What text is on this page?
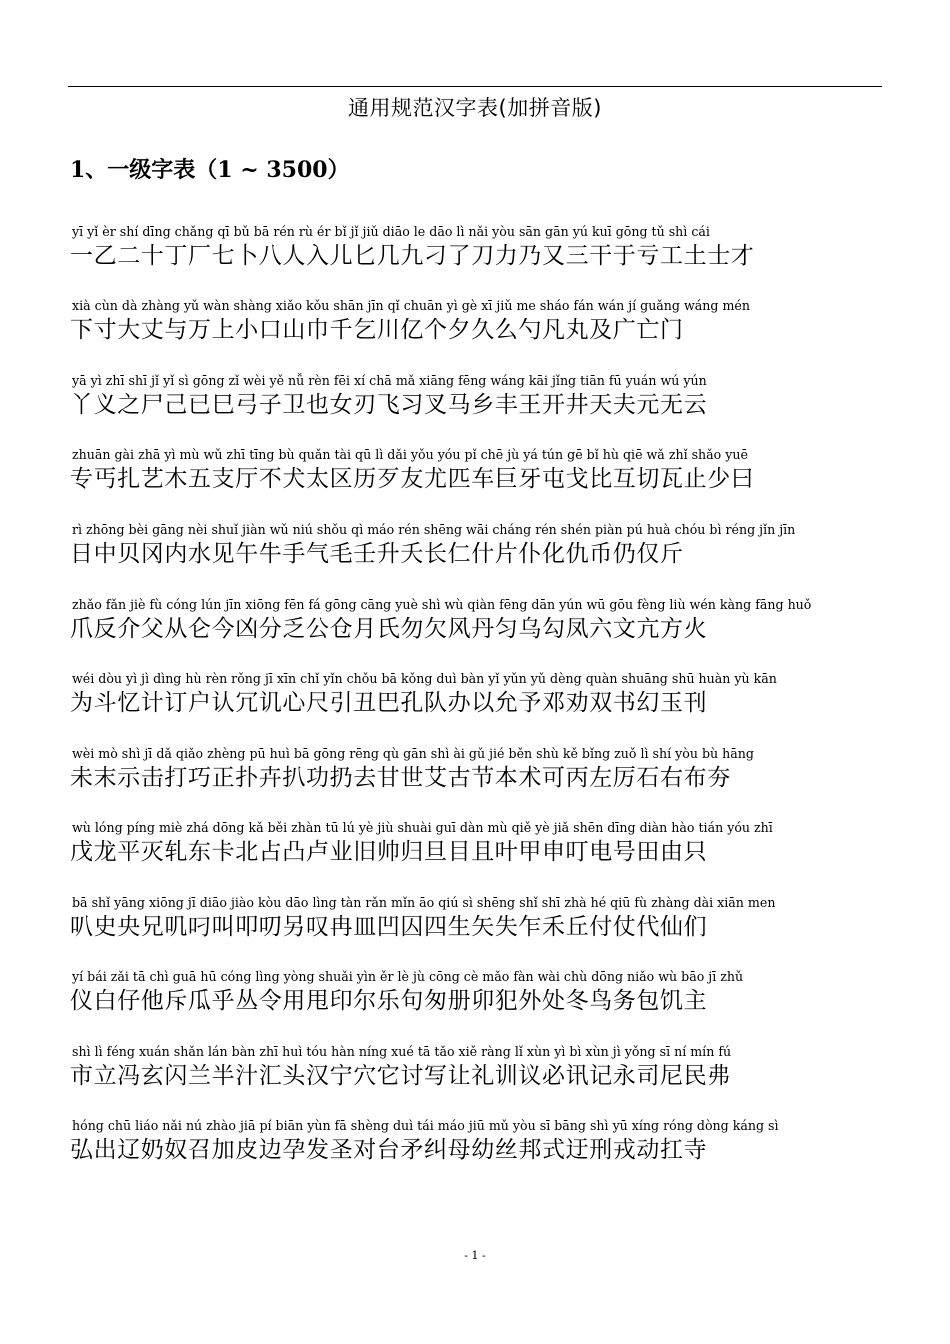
通用规范汉字表(加拼音版)
1、一级字表（1 ~ 3500）
yī yǐ èr shí dīng chǎng qī bǔ bā rén rù ér bǐ jǐ jiǔ diāo le dāo lì nǎi yòu sān gān yú kuī gōng tǔ shì cái
一乙二十丁厂七卜八人入儿匕几九刁了刀力乃又三干于亏工土士才
xià cùn dà zhàng yǔ wàn shàng xiǎo kǒu shān jīn qǐ chuān yì gè xī jiǔ me sháo fán wán jí guǎng wáng mén
下寸大丈与万上小口山巾千乞川亿个夕久么勺凡丸及广亡门
yā yì zhī shī jǐ yǐ sì gōng zǐ wèi yě nǚ rèn fēi xí chā mǎ xiāng fēng wáng kāi jǐng tiān fū yuán wú yún
丫义之尸己已巳弓子卫也女刃飞习叉马乡丰王开井天夫元无云
zhuān gài zhā yì mù wǔ zhī tīng bù quǎn tài qū lì dǎi yǒu yóu pǐ chē jù yá tún gē bǐ hù qiē wǎ zhǐ shǎo yuē
专丐扎艺木五支厅不犬太区历歹友尤匹车巨牙屯戈比互切瓦止少曰
rì zhōng bèi gāng nèi shuǐ jiàn wǔ niú shǒu qì máo rén shēng wāi cháng rén shén piàn pú huà chóu bì réng jǐn jīn
日中贝冈内水见午牛手气毛壬升夭长仁什片仆化仇币仍仅斤
zhǎo fǎn jiè fù cóng lún jīn xiōng fēn fá gōng cāng yuè shì wù qiàn fēng dān yún wū gōu fèng liù wén kàng fāng huǒ
爪反介父从仑今凶分乏公仓月氏勿欠风丹匀乌勾凤六文亢方火
wéi dòu yì jì dìng hù rèn rǒng jī xīn chǐ yǐn chǒu bā kǒng duì bàn yǐ yǔn yǔ dèng quàn shuāng shū huàn yù kān
为斗忆计订户认冗讥心尺引丑巴孔队办以允予邓劝双书幻玉刊
wèi mò shì jī dǎ qiǎo zhèng pū huì bā gōng rēng qù gān shì ài gǔ jié běn shù kě bǐng zuǒ lì shí yòu bù hāng
未末示击打巧正扑卉扒功扔去甘世艾古节本术可丙左厉石右布夯
wù lóng píng miè zhá dōng kǎ běi zhàn tū lú yè jiù shuài guī dàn mù qiě yè jiǎ shēn dīng diàn hào tián yóu zhī
戊龙平灭轧东卡北占凸卢业旧帅归旦目且叶甲申叮电号田由只
bā shǐ yāng xiōng jī diāo jiào kòu dāo lìng tàn rǎn mǐn āo qiú sì shēng shǐ shī zhà hé qiū fù zhàng dài xiān men
叭史央兄叽叼叫叩叨另叹冉皿凹囚四生矢失乍禾丘付仗代仙们
yí bái zǎi tā chì guā hū cóng lìng yòng shuǎi yìn ěr lè jù cōng cè mǎo fàn wài chù dōng niǎo wù bāo jī zhǔ
仪白仔他斥瓜乎丛令用甩印尔乐句匆册卯犯外处冬鸟务包饥主
shì lì féng xuán shǎn lán bàn zhī huì tóu hàn níng xué tā tǎo xiě ràng lǐ xùn yì bì xùn jì yǒng sī ní mín fú
市立冯玄闪兰半汁汇头汉宁穴它讨写让礼训议必讯记永司尼民弗
hóng chū liáo nǎi nú zhào jiā pí biān yùn fā shèng duì tái máo jiū mǔ yòu sī bāng shì yū xíng róng dòng káng sì
弘出辽奶奴召加皮边孕发圣对台矛纠母幼丝邦式迂刑戎动扛寺
- 1 -
